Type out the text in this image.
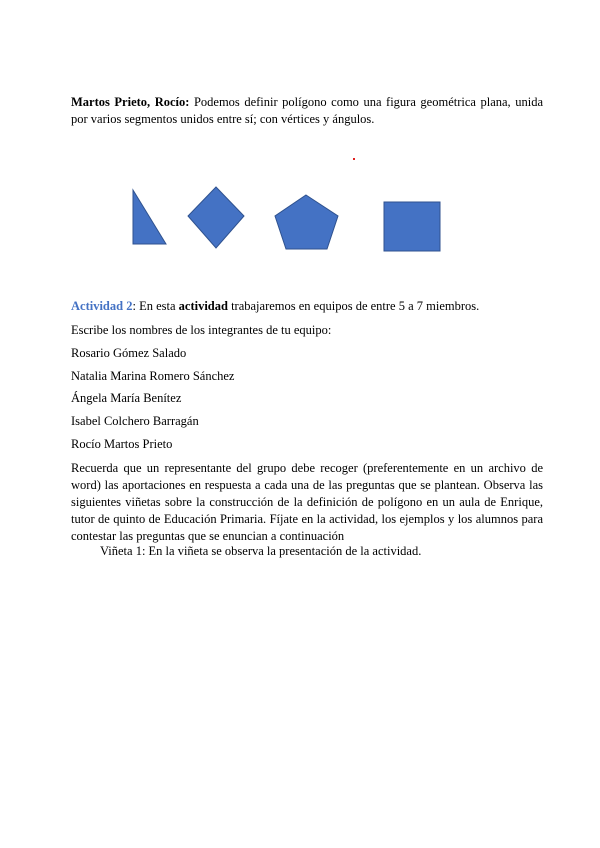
Martos Prieto, Rocío: Podemos definir polígono como una figura geométrica plana, unida por varios segmentos unidos entre sí; con vértices y ángulos.

Actividad 2: En esta actividad trabajaremos en equipos de entre 5 a 7 miembros.

Escribe los nombres de los integrantes de tu equipo:

Rosario Gómez Salado

Natalia Marina Romero Sánchez

Ángela María Benítez

Isabel Colchero Barragán

Rocío Martos Prieto

Recuerda que un representante del grupo debe recoger (preferentemente en un archivo de word) las aportaciones en respuesta a cada una de las preguntas que se plantean. Observa las siguientes viñetas sobre la construcción de la definición de polígono en un aula de Enrique, tutor de quinto de Educación Primaria. Fíjate en la actividad, los ejemplos y los alumnos para contestar las preguntas que se enuncian a continuación

Viñeta 1: En la viñeta se observa la presentación de la actividad.
